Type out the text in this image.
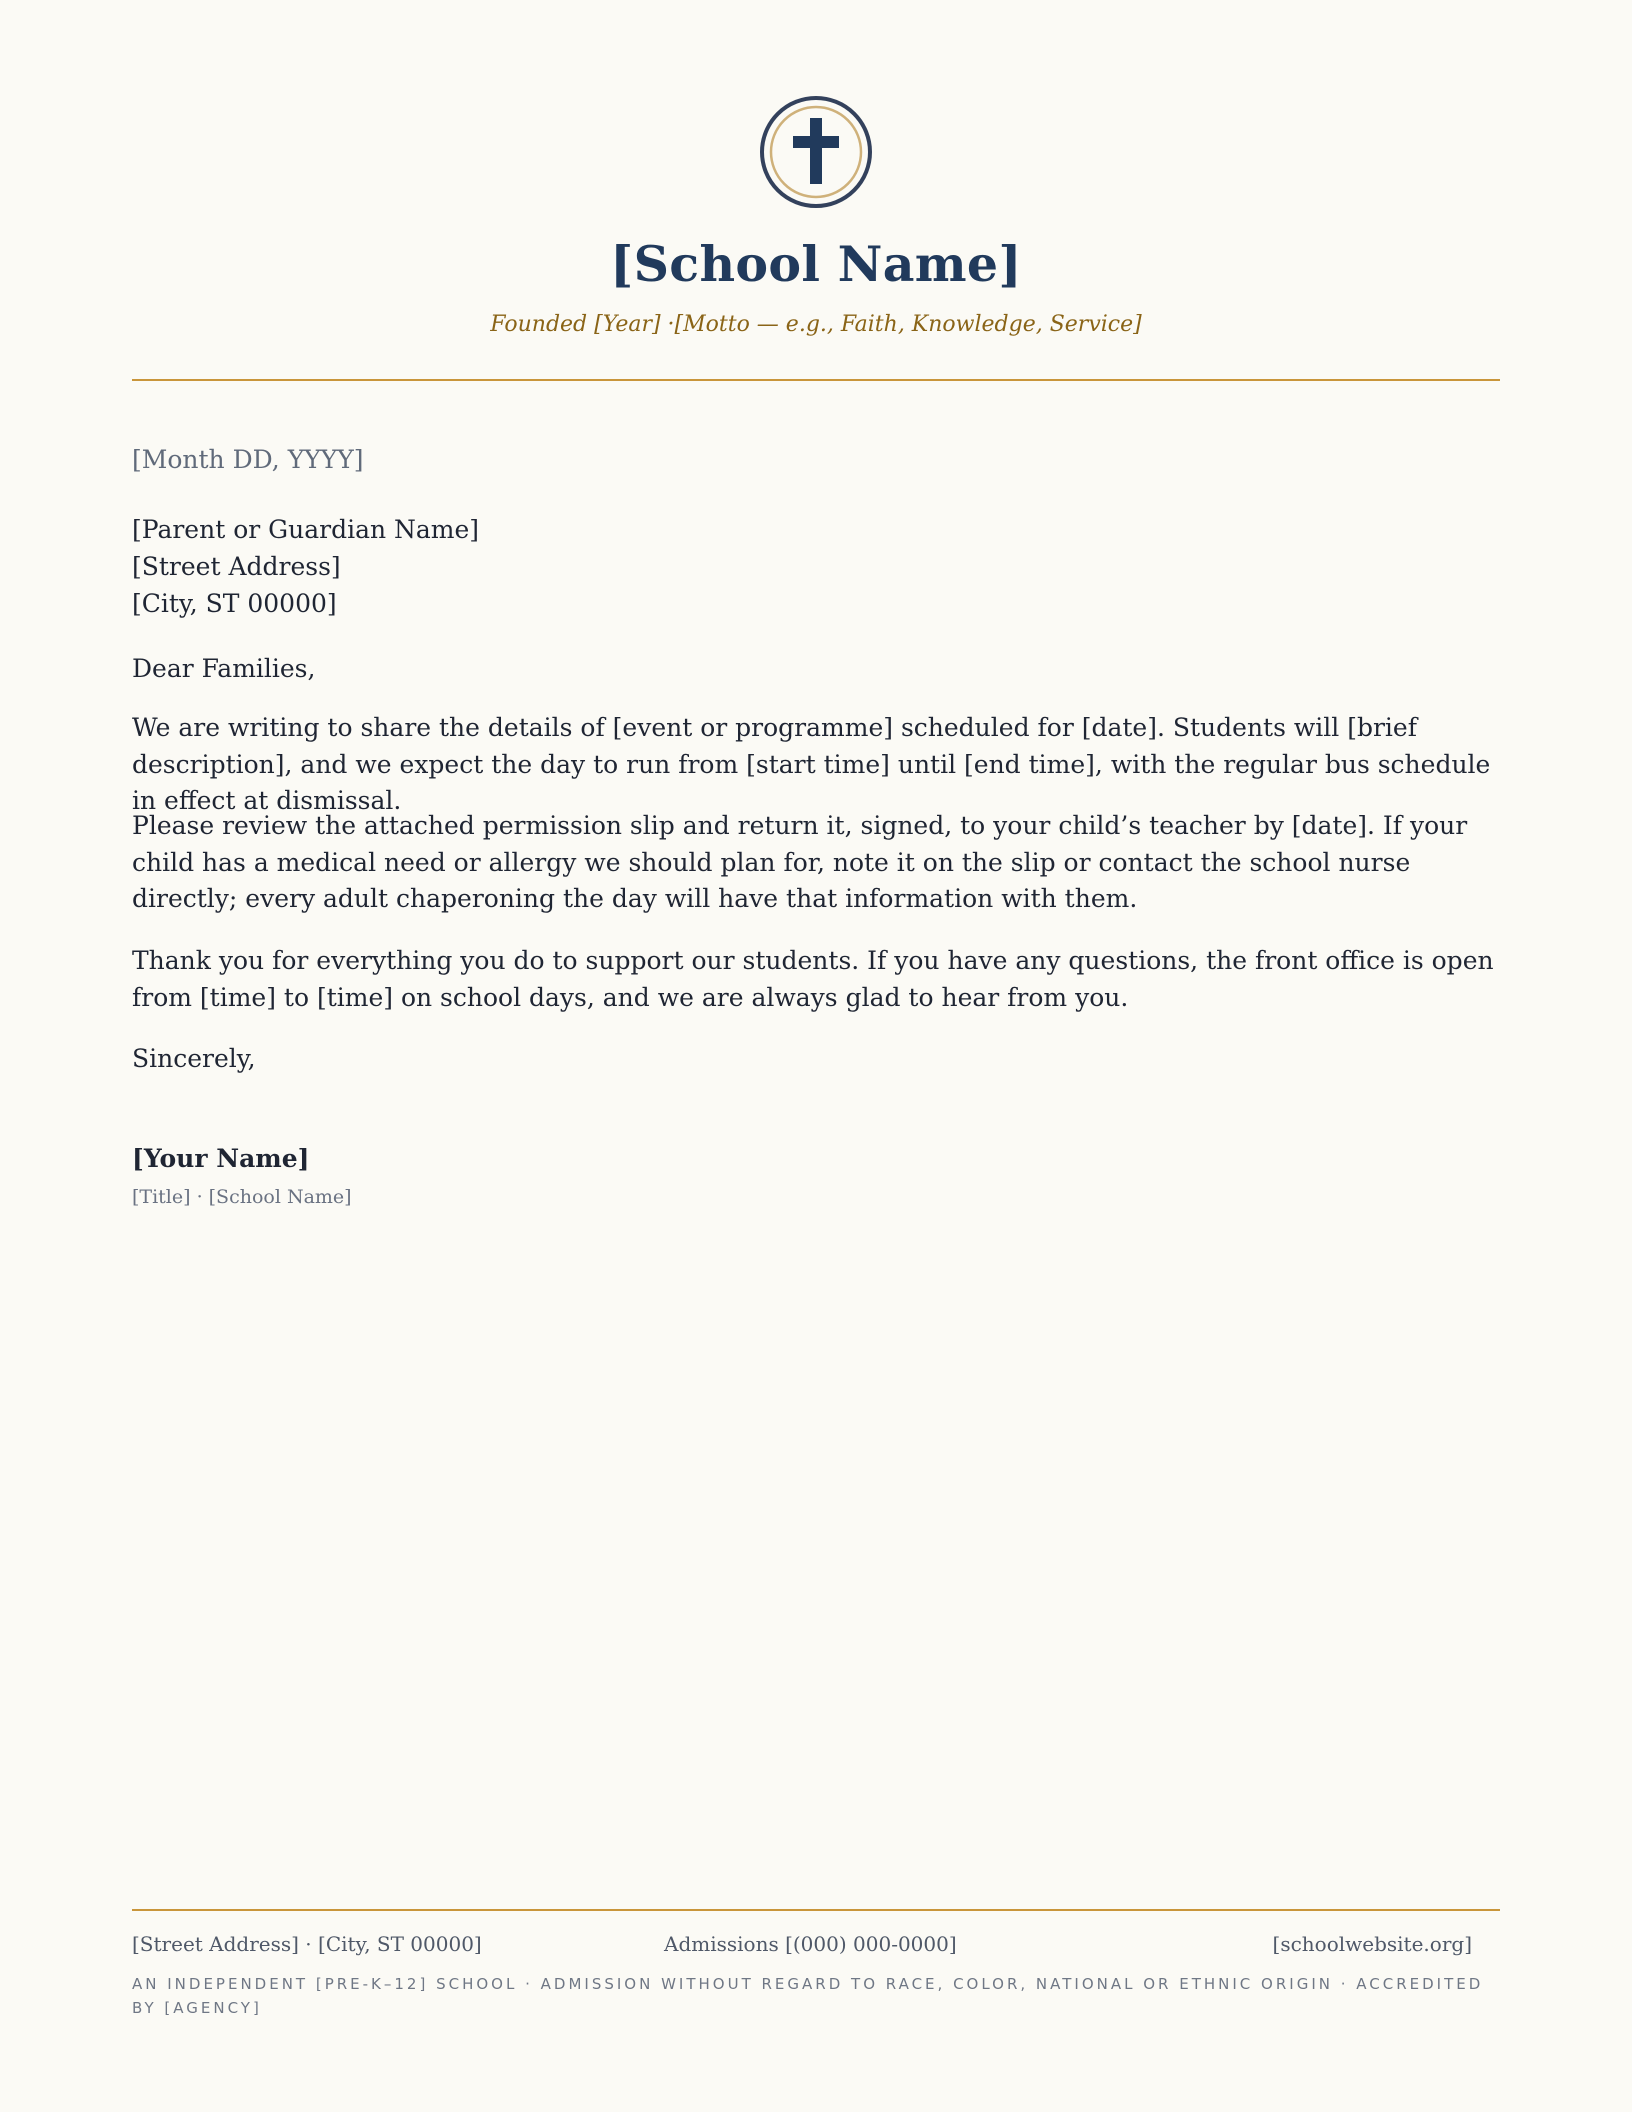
[School Name]
Founded [Year] ·[Motto — e.g., Faith, Knowledge, Service]
[Month DD, YYYY]
[Parent or Guardian Name]
[Street Address]
[City, ST 00000]
Dear Families,

We are writing to share the details of [event or programme] scheduled for [date]. Students will [brief description], and we expect the day to run from [start time] until [end time], with the regular bus schedule in effect at dismissal.

Please review the attached permission slip and return it, signed, to your child’s teacher by [date]. If your child has a medical need or allergy we should plan for, note it on the slip or contact the school nurse directly; every adult chaperoning the day will have that information with them.

Thank you for everything you do to support our students. If you have any questions, the front office is open from [time] to [time] on school days, and we are always glad to hear from you.

Sincerely,
[Your Name]
[Title] · [School Name]
[Street Address] · [City, ST 00000]	Admissions [(000) 000-0000]	[schoolwebsite.org]
AN INDEPENDENT [PRE-K–12] SCHOOL · ADMISSION WITHOUT REGARD TO RACE, COLOR, NATIONAL OR ETHNIC ORIGIN · ACCREDITED BY [AGENCY]
